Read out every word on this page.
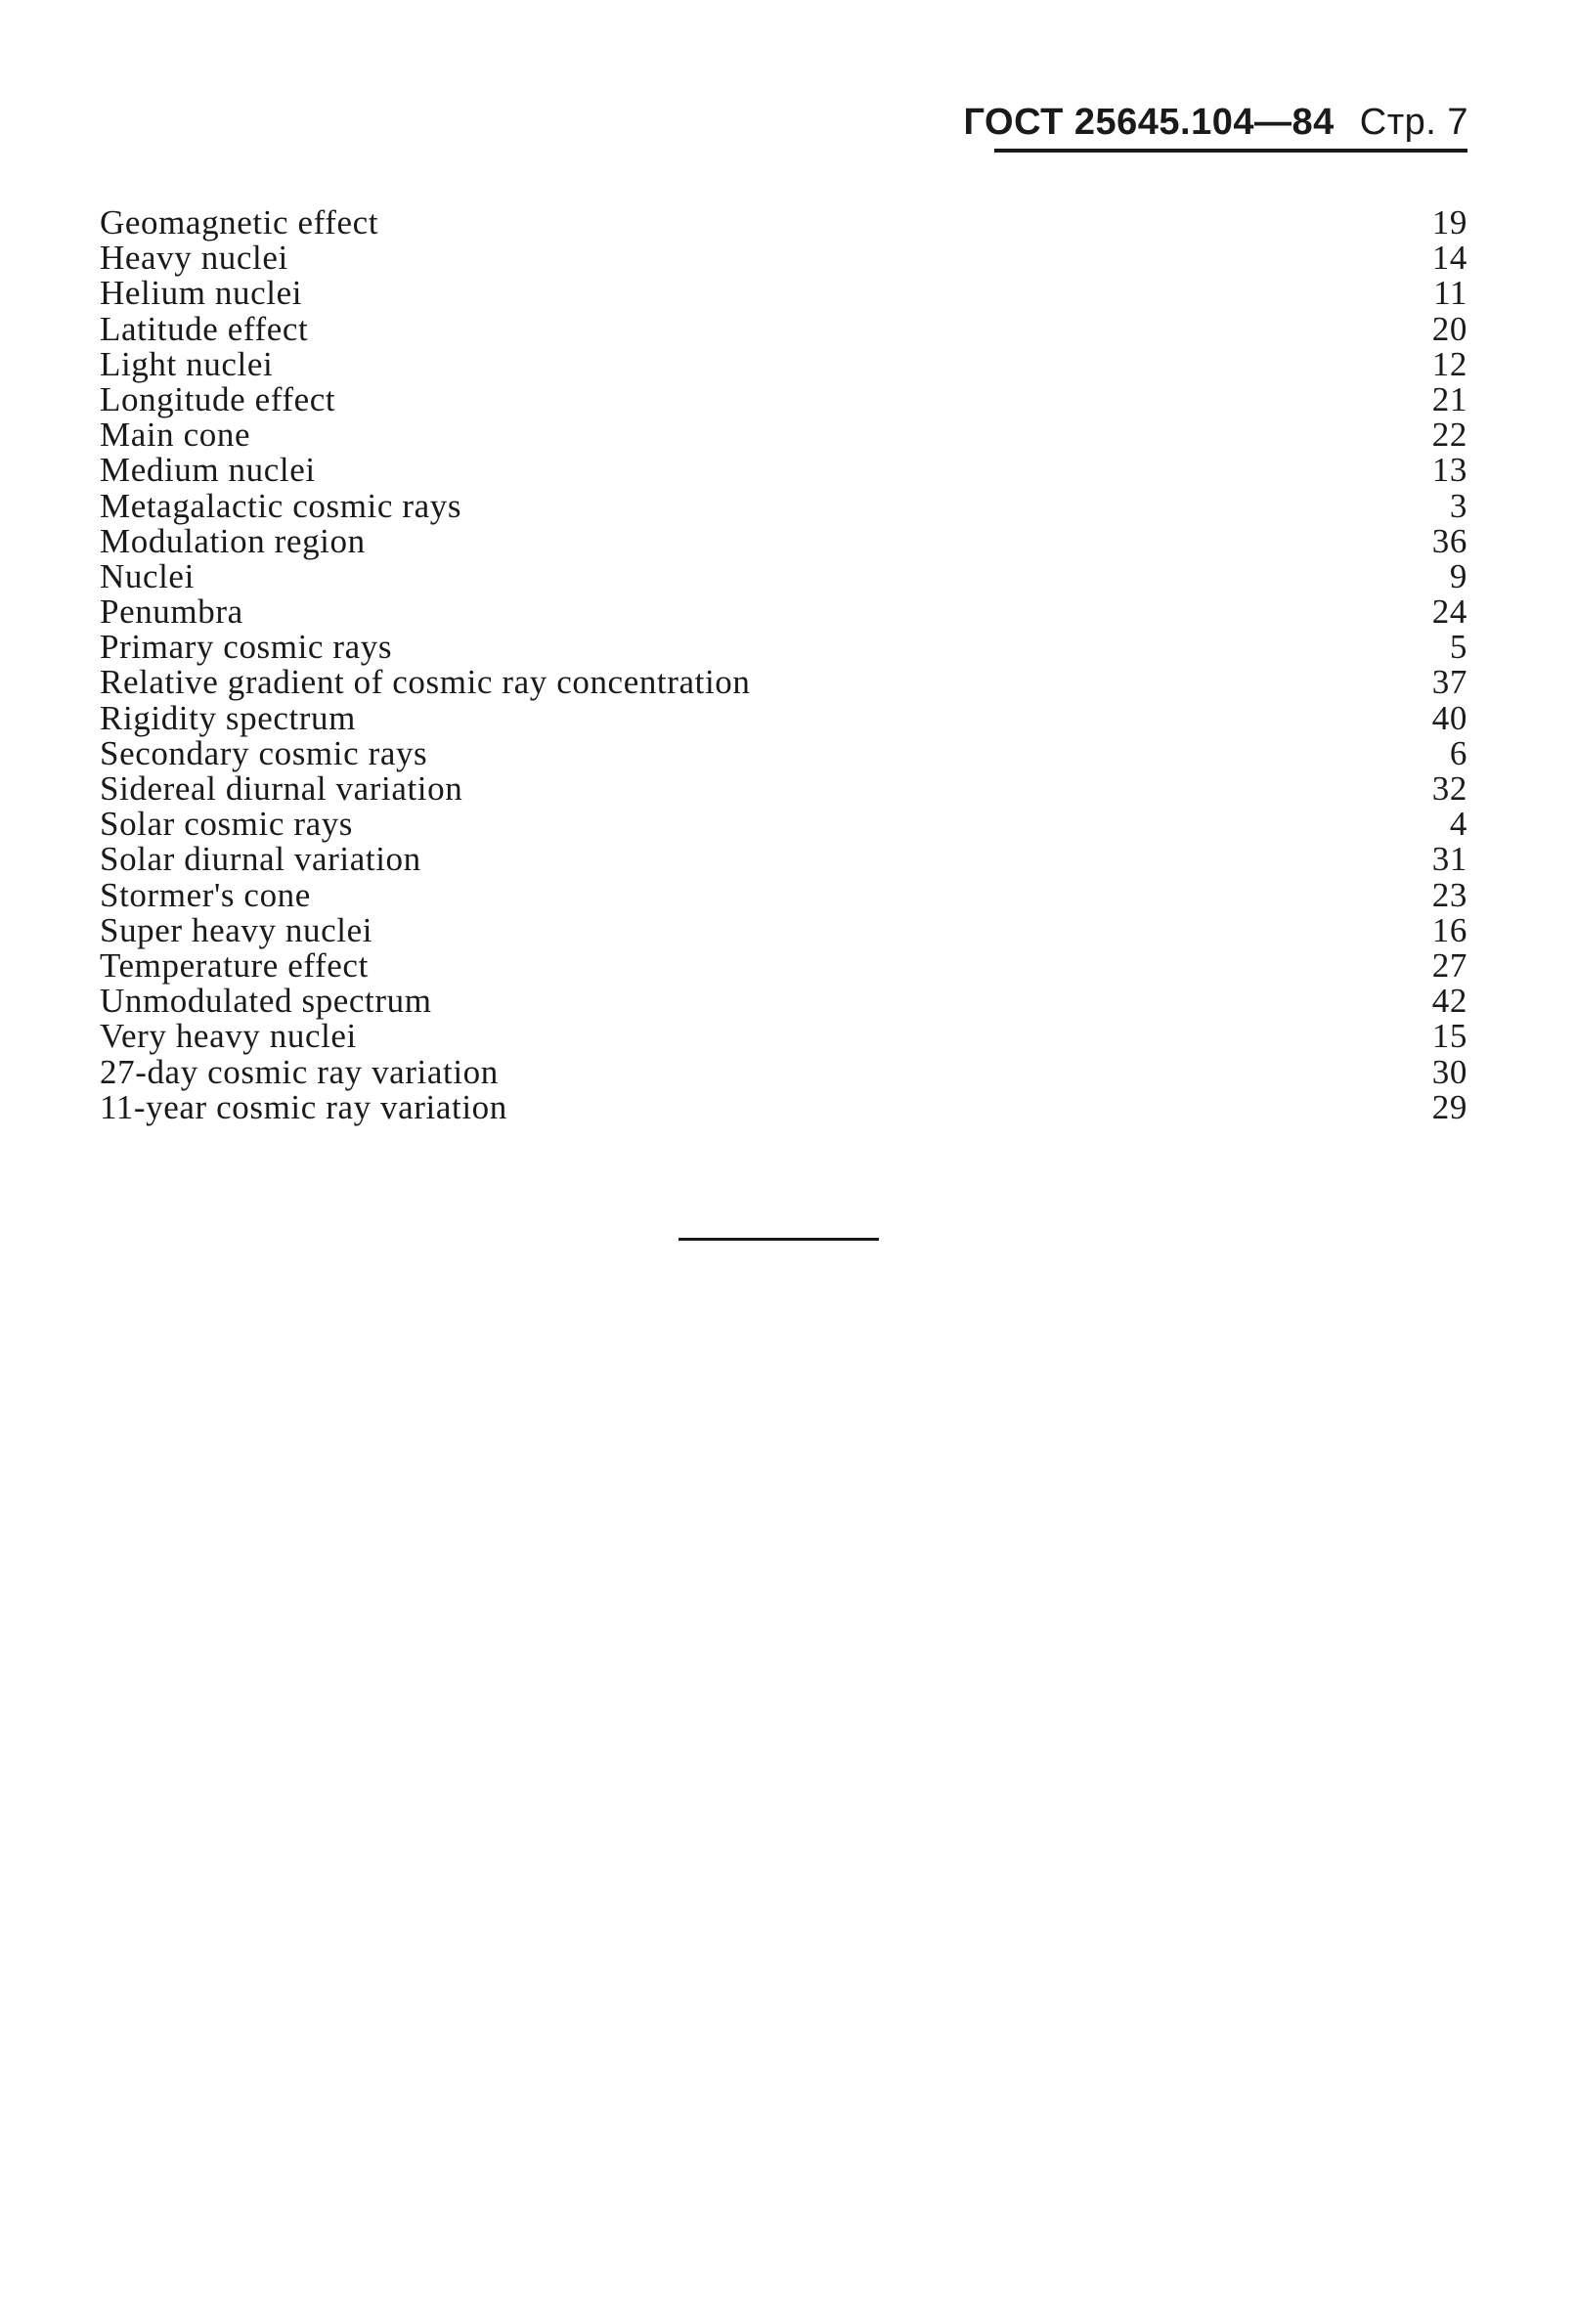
ГОСТ 25645.104—84 Стр. 7
Geomagnetic effect	19
Heavy nuclei	14
Helium nuclei	11
Latitude effect	20
Light nuclei	12
Longitude effect	21
Main cone	22
Medium nuclei	13
Metagalactic cosmic rays	3
Modulation region	36
Nuclei	9
Penumbra	24
Primary cosmic rays	5
Relative gradient of cosmic ray concentration	37
Rigidity spectrum	40
Secondary cosmic rays	6
Sidereal diurnal variation	32
Solar cosmic rays	4
Solar diurnal variation	31
Stormer's cone	23
Super heavy nuclei	16
Temperature effect	27
Unmodulated spectrum	42
Very heavy nuclei	15
27-day cosmic ray variation	30
11-year cosmic ray variation	29
